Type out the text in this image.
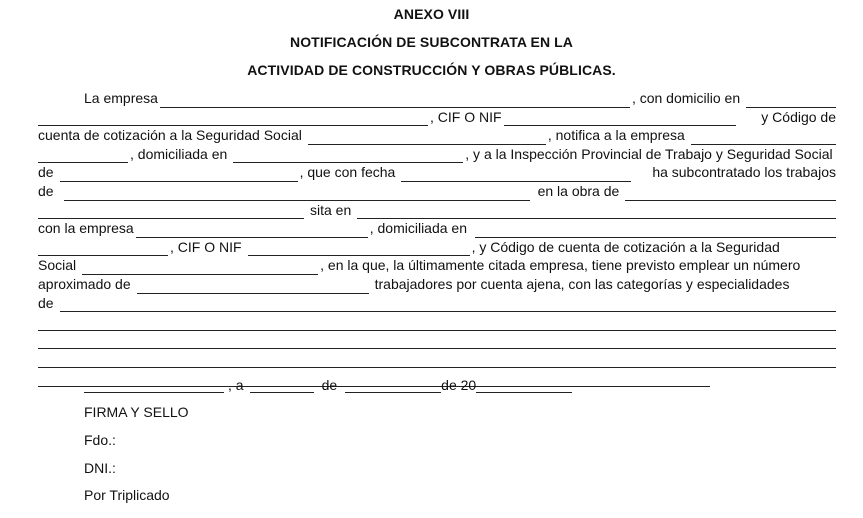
ANEXO VIII
NOTIFICACIÓN DE SUBCONTRATA EN LA
ACTIVIDAD DE CONSTRUCCIÓN Y OBRAS PÚBLICAS.
La empresa	, con domicilio en
, CIF O NIF	y Código de
cuenta de cotización a la Seguridad Social	, notifica a la empresa
, domiciliada en	, y a la Inspección Provincial de Trabajo y Seguridad Social
de	, que con fecha	ha subcontratado los trabajos
de	en la obra de
sita en
con la empresa	, domiciliada en
, CIF O NIF	, y Código de cuenta de cotización a la Seguridad
Social	, en la que, la últimamente citada empresa, tiene previsto emplear un número
aproximado de	trabajadores por cuenta ajena, con las categorías y especialidades
de
, a	de	de 20
FIRMA Y SELLO
Fdo.:
DNI.:
Por Triplicado
